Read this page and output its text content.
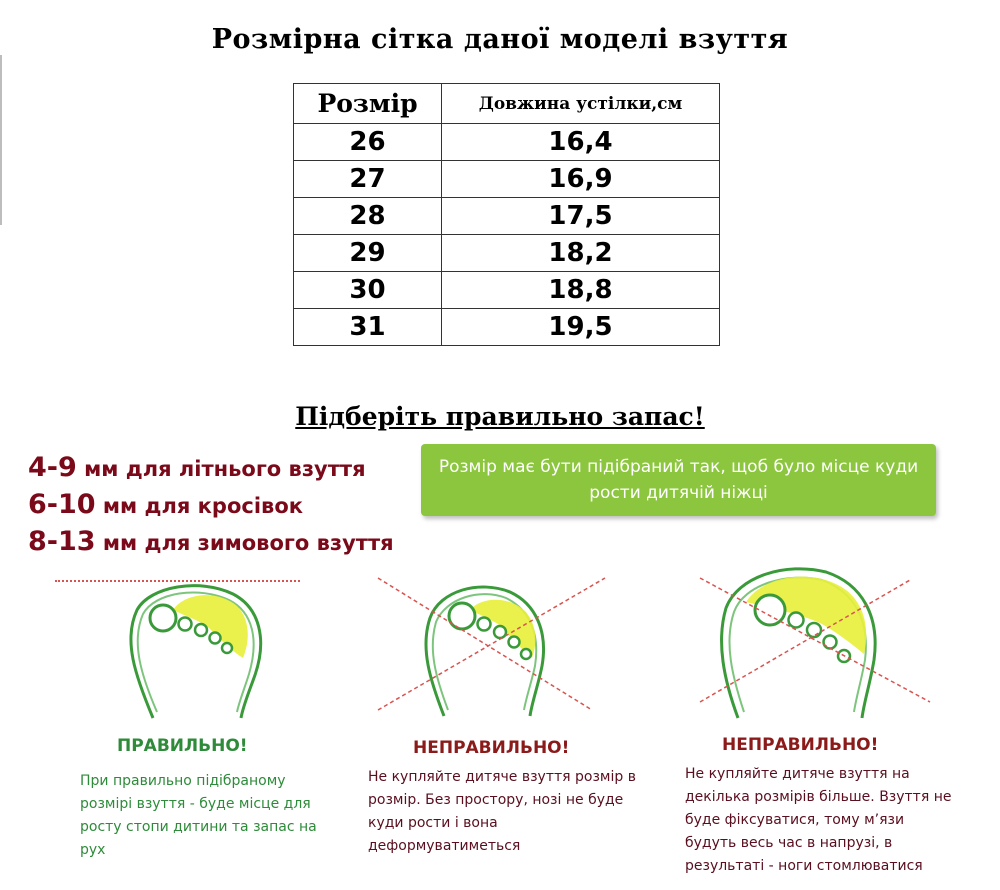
Розмірна сітка даної моделі взуття
Розмір	Довжина устілки,см
26	16,4
27	16,9
28	17,5
29	18,2
30	18,8
31	19,5
Підберіть правильно запас!
4-9 мм для літнього взуття
6-10 мм для кросівок
8-13 мм для зимового взуття
Розмір має бути підібраний так, щоб було місце куди рости дитячій ніжці
ПРАВИЛЬНО!	НЕПРАВИЛЬНО!	НЕПРАВИЛЬНО!
При правильно підібраному розмірі взуття - буде місце для росту стопи дитини та запас на рух
Не купляйте дитяче взуття розмір в розмір. Без простору, нозі не буде куди рости і вона деформуватиметься
Не купляйте дитяче взуття на декілька розмірів більше. Взуття не буде фіксуватися, тому м’язи будуть весь час в напрузі, в результаті - ноги стомлюватися
